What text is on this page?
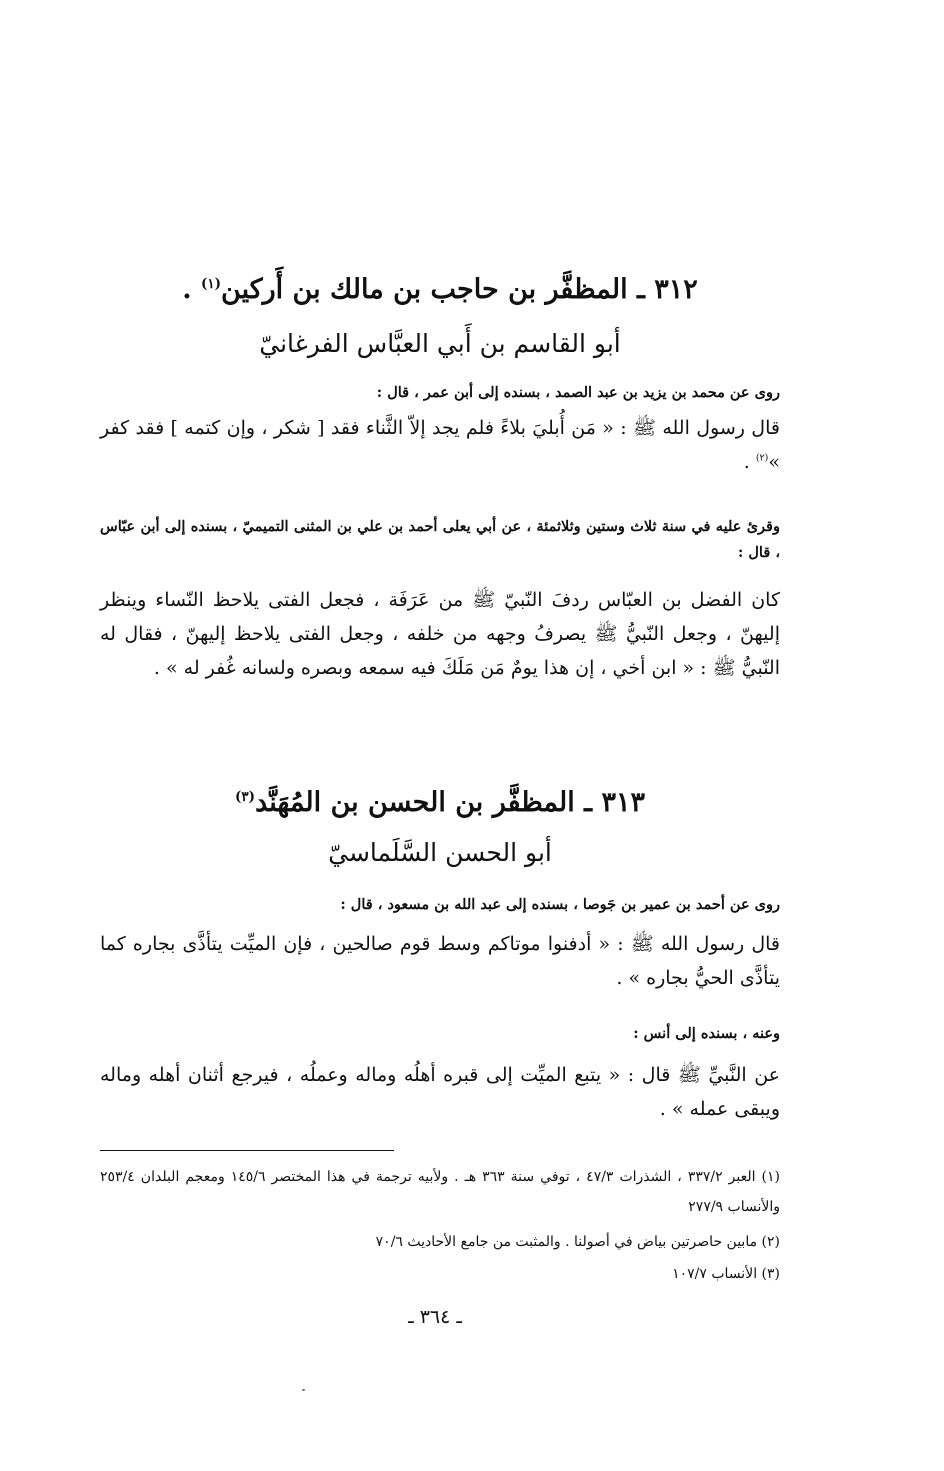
٣١٢ ـ المظفَّر بن حاجب بن مالك بن أَركين$^{(١)}$ .
أبو القاسم بن أَبي العبَّاس الفرغانيّ
روى عن محمد بن يزيد بن عبد الصمد ، بسنده إلى أبن عمر ، قال :
قال رسول الله ﷺ : « مَن أُبليَ بلاءً فلم يجد إلاّ الثَّناء فقد [ شكر ، وإن كتمه ] فقد كفر »$^{(٢)}$ .
وقرئ عليه في سنة ثلاث وستين وثلاثمئة ، عن أبي يعلى أحمد بن علي بن المثنى التميميّ ، بسنده إلى أبن عبّاس ، قال :
كان الفضل بن العبّاس ردفَ النّبيّ ﷺ من عَرَفَة ، فجعل الفتى يلاحظ النّساء وينظر إليهنّ ، وجعل النّبيُّ ﷺ يصرفُ وجهه من خلفه ، وجعل الفتى يلاحظ إليهنّ ، فقال له النّبيُّ ﷺ : « ابن أخي ، إن هذا يومٌ مَن مَلَكَ فيه سمعه وبصره ولسانه غُفر له » .
٣١٣ ـ المظفَّر بن الحسن بن المُهَنَّد$^{(٣)}$
أبو الحسن السَّلَماسيّ
روى عن أحمد بن عمير بن جَوصا ، بسنده إلى عبد الله بن مسعود ، قال :
قال رسول الله ﷺ : « أدفنوا موتاكم وسط قوم صالحين ، فإن الميِّت يتأذَّى بجاره كما يتأذَّى الحيُّ بجاره » .
وعنه ، بسنده إلى أنس :
عن النَّبيِّ ﷺ قال : « يتبع الميِّت إلى قبره أهلُه وماله وعملُه ، فيرجع أثنان أهله وماله ويبقى عمله » .
(١) العبر ٣٣٧/٢ ، الشذرات ٤٧/٣ ، توفي سنة ٣٦٣ هـ . ولأبيه ترجمة في هذا المختصر ١٤٥/٦ ومعجم البلدان ٢٥٣/٤ والأنساب ٢٧٧/٩
(٢) مابين حاصرتين بياض في أصولنا . والمثبت من جامع الأحاديث ٧٠/٦
(٣) الأنساب ١٠٧/٧
ـ ٣٦٤ ـ
